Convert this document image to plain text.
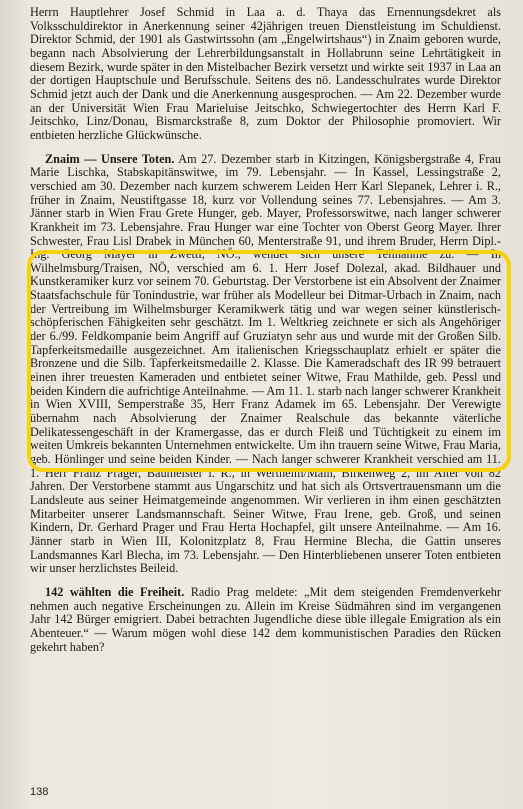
Herrn Hauptlehrer Josef Schmid in Laa a. d. Thaya das Ernennungsdekret als Volksschuldirektor in Anerkennung seiner 42jährigen treuen Dienstleistung im Schuldienst. Direktor Schmid, der 1901 als Gastwirtssohn (am „Engelwirtshaus“) in Znaim geboren wurde, begann nach Absolvierung der Lehrerbildungsanstalt in Hollabrunn seine Lehrtätigkeit in diesem Bezirk, wurde später in den Mistelbacher Bezirk versetzt und wirkte seit 1937 in Laa an der dortigen Hauptschule und Berufsschule. Seitens des nö. Landesschulrates wurde Direktor Schmid jetzt auch der Dank und die Anerkennung ausgesprochen. — Am 22. Dezember wurde an der Universität Wien Frau Marieluise Jeitschko, Schwiegertochter des Herrn Karl F. Jeitschko, Linz/Donau, Bismarckstraße 8, zum Doktor der Philosophie promoviert. Wir entbieten herzliche Glückwünsche.

Znaim — Unsere Toten. Am 27. Dezember starb in Kitzingen, Königsbergstraße 4, Frau Marie Lischka, Stabskapitänswitwe, im 79. Lebensjahr. — In Kassel, Lessingstraße 2, verschied am 30. Dezember nach kurzem schwerem Leiden Herr Karl Slepanek, Lehrer i. R., früher in Znaim, Neustiftgasse 18, kurz vor Vollendung seines 77. Lebensjahres. — Am 3. Jänner starb in Wien Frau Grete Hunger, geb. Mayer, Professorswitwe, nach langer schwerer Krankheit im 73. Lebensjahre. Frau Hunger war eine Tochter von Oberst Georg Mayer. Ihrer Schwester, Frau Lisl Drabek in München 60, Menterstraße 91, und ihrem Bruder, Herrn Dipl.-Ing. Georg Mayer in Zwettl, NÖ., wendet sich unsere Teilnahme zu. — In Wilhelmsburg/Traisen, NÖ, verschied am 6. 1. Herr Josef Dolezal, akad. Bildhauer und Kunstkeramiker kurz vor seinem 70. Geburtstag. Der Verstorbene ist ein Absolvent der Znaimer Staatsfachschule für Tonindustrie, war früher als Modelleur bei Ditmar-Urbach in Znaim, nach der Vertreibung im Wilhelmsburger Keramikwerk tätig und war wegen seiner künstlerisch-schöpferischen Fähigkeiten sehr geschätzt. Im 1. Weltkrieg zeichnete er sich als Angehöriger der 6./99. Feldkompanie beim Angriff auf Gruziatyn sehr aus und wurde mit der Großen Silb. Tapferkeitsmedaille ausgezeichnet. Am italienischen Kriegsschauplatz erhielt er später die Bronzene und die Silb. Tapferkeitsmedaille 2. Klasse. Die Kameradschaft des IR 99 betrauert einen ihrer treuesten Kameraden und entbietet seiner Witwe, Frau Mathilde, geb. Pessl und beiden Kindern die aufrichtige Anteilnahme. — Am 11. 1. starb nach langer schwerer Krankheit in Wien XVIII, Semperstraße 35, Herr Franz Adamek im 65. Lebensjahr. Der Verewigte übernahm nach Absolvierung der Znaimer Realschule das bekannte väterliche Delikatessengeschäft in der Kramergasse, das er durch Fleiß und Tüchtigkeit zu einem im weiten Umkreis bekannten Unternehmen entwickelte. Um ihn trauern seine Witwe, Frau Maria, geb. Hönlinger und seine beiden Kinder. — Nach langer schwerer Krankheit verschied am 11. 1. Herr Franz Prager, Baumeister i. R., in Wertheim/Main, Birkenweg 2, im Alter von 82 Jahren. Der Verstorbene stammt aus Ungarschitz und hat sich als Ortsvertrauensmann um die Landsleute aus seiner Heimatgemeinde angenommen. Wir verlieren in ihm einen geschätzten Mitarbeiter unserer Landsmannschaft. Seiner Witwe, Frau Irene, geb. Groß, und seinen Kindern, Dr. Gerhard Prager und Frau Herta Hochapfel, gilt unsere Anteilnahme. — Am 16. Jänner starb in Wien III, Kolonitzplatz 8, Frau Hermine Blecha, die Gattin unseres Landsmannes Karl Blecha, im 73. Lebensjahr. — Den Hinterbliebenen unserer Toten entbieten wir unser herzlichstes Beileid.

142 wählten die Freiheit. Radio Prag meldete: „Mit dem steigenden Fremdenverkehr nehmen auch negative Erscheinungen zu. Allein im Kreise Südmähren sind im vergangenen Jahr 142 Bürger emigriert. Dabei betrachten Jugendliche diese üble illegale Emigration als ein Abenteuer.“ — Warum mögen wohl diese 142 dem kommunistischen Paradies den Rücken gekehrt haben?

138
